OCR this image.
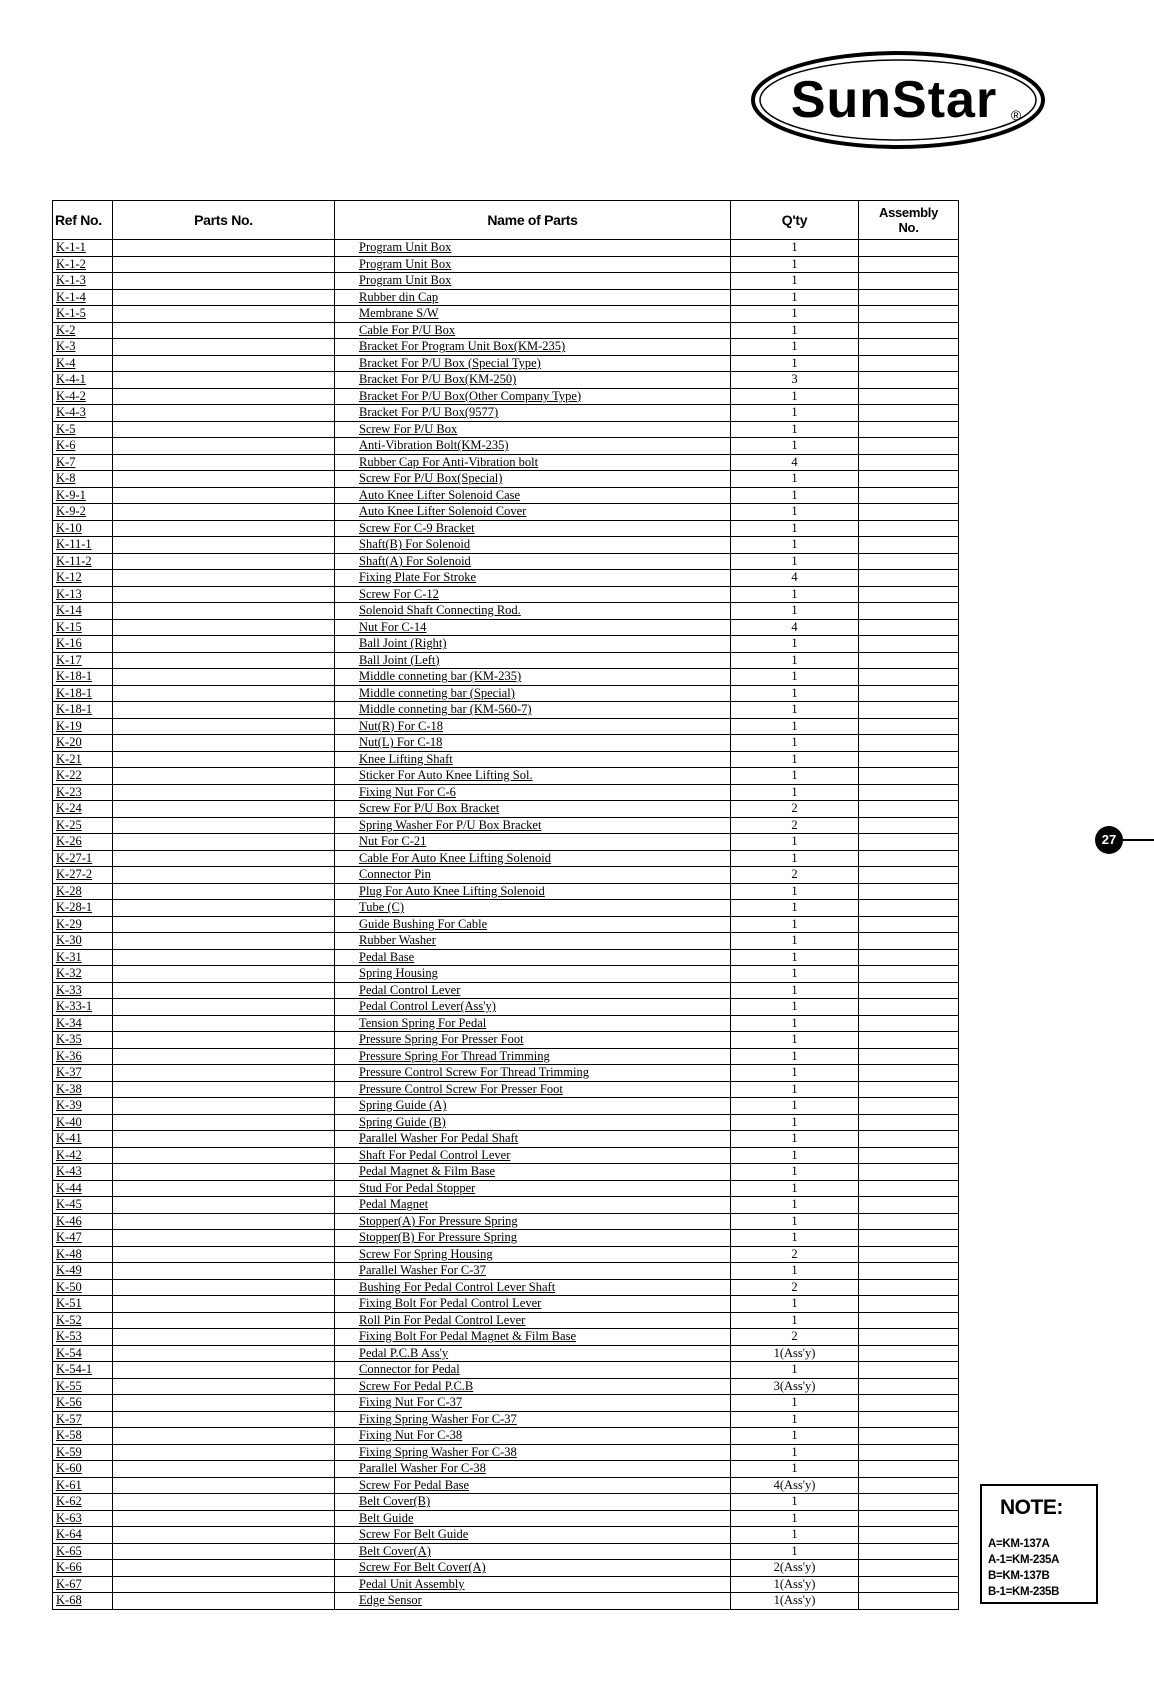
SunStar ®
Ref No.	Parts No.	Name of Parts	Q'ty	Assembly
No.
K-1-1		Program Unit Box	1	
K-1-2		Program Unit Box	1	
K-1-3		Program Unit Box	1	
K-1-4		Rubber din Cap	1	
K-1-5		Membrane S/W	1	
K-2		Cable For P/U Box	1	
K-3		Bracket For Program Unit Box(KM-235)	1	
K-4		Bracket For P/U Box (Special Type)	1	
K-4-1		Bracket For P/U Box(KM-250)	3	
K-4-2		Bracket For P/U Box(Other Company Type)	1	
K-4-3		Bracket For P/U Box(9577)	1	
K-5		Screw For P/U Box	1	
K-6		Anti-Vibration Bolt(KM-235)	1	
K-7		Rubber Cap For Anti-Vibration bolt	4	
K-8		Screw For P/U Box(Special)	1	
K-9-1		Auto Knee Lifter Solenoid Case	1	
K-9-2		Auto Knee Lifter Solenoid Cover	1	
K-10		Screw For C-9 Bracket	1	
K-11-1		Shaft(B) For Solenoid	1	
K-11-2		Shaft(A) For Solenoid	1	
K-12		Fixing Plate For Stroke	4	
K-13		Screw For C-12	1	
K-14		Solenoid Shaft Connecting Rod.	1	
K-15		Nut For C-14	4	
K-16		Ball Joint (Right)	1	
K-17		Ball Joint (Left)	1	
K-18-1		Middle conneting bar (KM-235)	1	
K-18-1		Middle conneting bar (Special)	1	
K-18-1		Middle conneting bar (KM-560-7)	1	
K-19		Nut(R) For C-18	1	
K-20		Nut(L) For C-18	1	
K-21		Knee Lifting Shaft	1	
K-22		Sticker For Auto Knee Lifting Sol.	1	
K-23		Fixing Nut For C-6	1	
K-24		Screw For P/U Box Bracket	2	
K-25		Spring Washer For P/U Box Bracket	2	
K-26		Nut For C-21	1	
K-27-1		Cable For Auto Knee Lifting Solenoid	1	
K-27-2		Connector Pin	2	
K-28		Plug For Auto Knee Lifting Solenoid	1	
K-28-1		Tube (C)	1	
K-29		Guide Bushing For Cable	1	
K-30		Rubber Washer	1	
K-31		Pedal Base	1	
K-32		Spring Housing	1	
K-33		Pedal Control Lever	1	
K-33-1		Pedal Control Lever(Ass'y)	1	
K-34		Tension Spring For Pedal	1	
K-35		Pressure Spring For Presser Foot	1	
K-36		Pressure Spring For Thread Trimming	1	
K-37		Pressure Control Screw For Thread Trimming	1	
K-38		Pressure Control Screw For Presser Foot	1	
K-39		Spring Guide (A)	1	
K-40		Spring Guide (B)	1	
K-41		Parallel Washer For Pedal Shaft	1	
K-42		Shaft For Pedal Control Lever	1	
K-43		Pedal Magnet & Film Base	1	
K-44		Stud For Pedal Stopper	1	
K-45		Pedal Magnet	1	
K-46		Stopper(A) For Pressure Spring	1	
K-47		Stopper(B) For Pressure Spring	1	
K-48		Screw For Spring Housing	2	
K-49		Parallel Washer For C-37	1	
K-50		Bushing For Pedal Control Lever Shaft	2	
K-51		Fixing Bolt For Pedal Control Lever	1	
K-52		Roll Pin For Pedal Control Lever	1	
K-53		Fixing Bolt For Pedal Magnet & Film Base	2	
K-54		Pedal P.C.B Ass'y	1(Ass'y)	
K-54-1		Connector for Pedal	1	
K-55		Screw For Pedal P.C.B	3(Ass'y)	
K-56		Fixing Nut For C-37	1	
K-57		Fixing Spring Washer For C-37	1	
K-58		Fixing Nut For C-38	1	
K-59		Fixing Spring Washer For C-38	1	
K-60		Parallel Washer For C-38	1	
K-61		Screw For Pedal Base	4(Ass'y)	
K-62		Belt Cover(B)	1	
K-63		Belt Guide	1	
K-64		Screw For Belt Guide	1	
K-65		Belt Cover(A)	1	
K-66		Screw For Belt Cover(A)	2(Ass'y)	
K-67		Pedal Unit Assembly	1(Ass'y)	
K-68		Edge Sensor	1(Ass'y)	
27
NOTE:
A=KM-137A
A-1=KM-235A
B=KM-137B
B-1=KM-235B
